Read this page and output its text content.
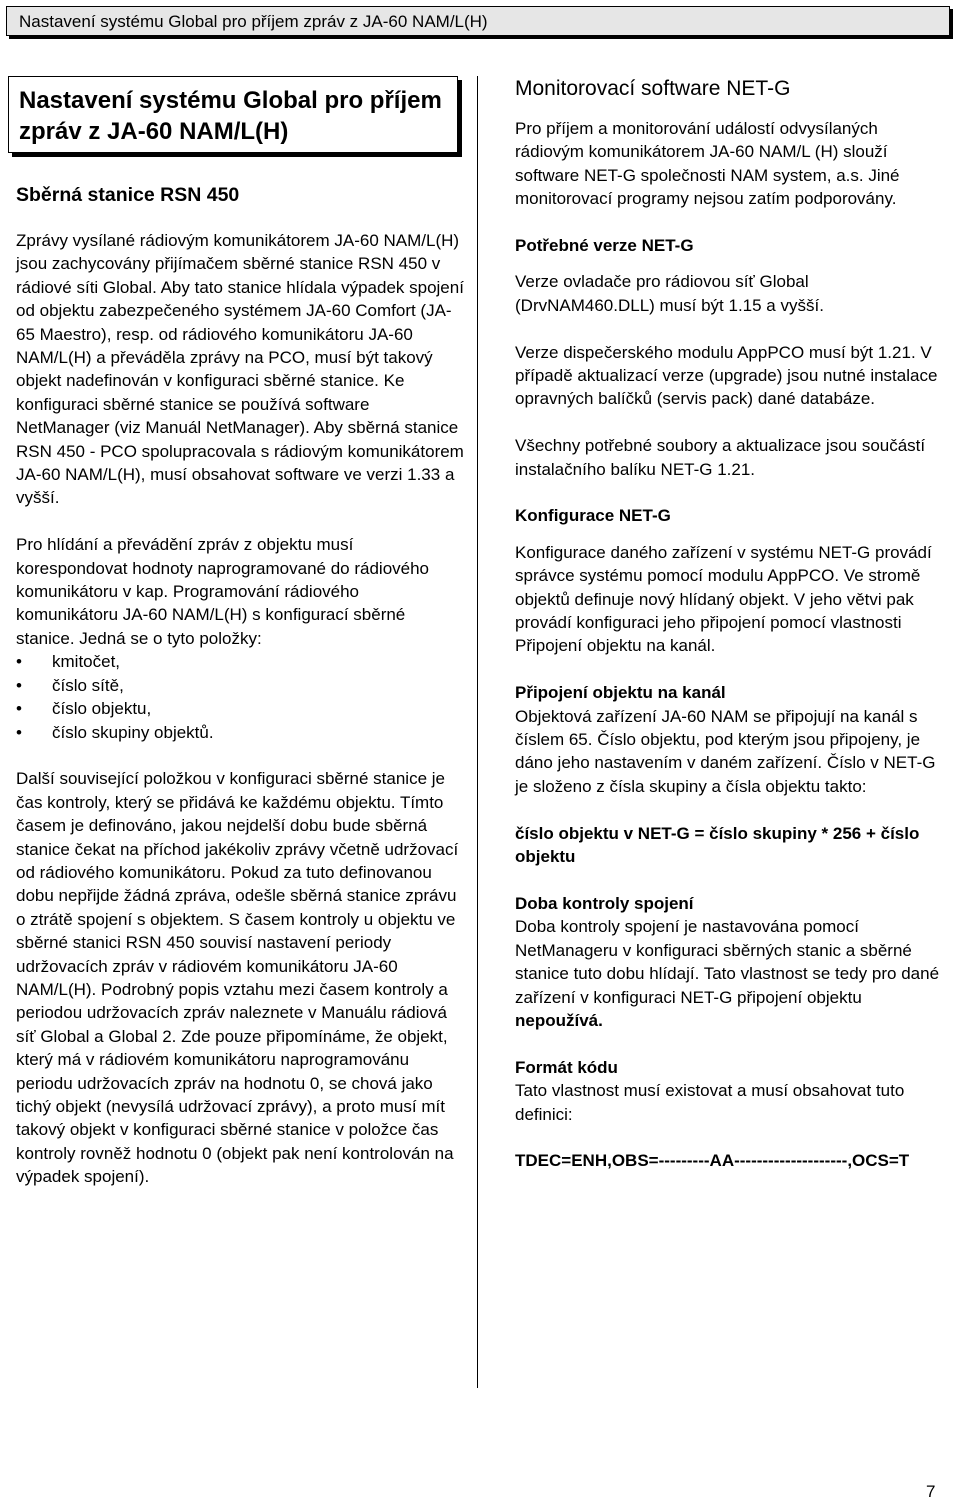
Nastavení systému Global pro příjem zpráv z JA-60 NAM/L(H)
Nastavení systému Global pro příjem zpráv z JA-60 NAM/L(H)
Sběrná stanice RSN 450

Zprávy vysílané rádiovým komunikátorem JA-60 NAM/L(H) jsou zachycovány přijímačem sběrné stanice RSN 450 v rádiové síti Global. Aby tato stanice hlídala výpadek spojení od objektu zabezpečeného systémem JA-60 Comfort (JA-65 Maestro), resp. od rádiového komunikátoru JA-60 NAM/L(H) a převáděla zprávy na PCO, musí být takový objekt nadefinován v konfiguraci sběrné stanice. Ke konfiguraci sběrné stanice se používá software NetManager (viz Manuál NetManager). Aby sběrná stanice RSN 450 - PCO spolupracovala s rádiovým komunikátorem JA-60 NAM/L(H), musí obsahovat software ve verzi 1.33 a vyšší.

Pro hlídání a převádění zpráv z objektu musí korespondovat hodnoty naprogramované do rádiového komunikátoru v kap. Programování rádiového komunikátoru JA-60 NAM/L(H) s konfigurací sběrné stanice. Jedná se o tyto položky:

• kmitočet,
• číslo sítě,
• číslo objektu,
• číslo skupiny objektů.

Další související položkou v konfiguraci sběrné stanice je čas kontroly, který se přidává ke každému objektu. Tímto časem je definováno, jakou nejdelší dobu bude sběrná stanice čekat na příchod jakékoliv zprávy včetně udržovací od rádiového komunikátoru. Pokud za tuto definovanou dobu nepřijde žádná zpráva, odešle sběrná stanice zprávu o ztrátě spojení s objektem. S časem kontroly u objektu ve sběrné stanici RSN 450 souvisí nastavení periody udržovacích zpráv v rádiovém komunikátoru JA-60 NAM/L(H). Podrobný popis vztahu mezi časem kontroly a periodou udržovacích zpráv naleznete v Manuálu rádiová síť Global a Global 2. Zde pouze připomínáme, že objekt, který má v rádiovém komunikátoru naprogramovánu periodu udržovacích zpráv na hodnotu 0, se chová jako tichý objekt (nevysílá udržovací zprávy), a proto musí mít takový objekt v konfiguraci sběrné stanice v položce čas kontroly rovněž hodnotu 0 (objekt pak není kontrolován na výpadek spojení).

Monitorovací software NET-G

Pro příjem a monitorování událostí odvysílaných rádiovým komunikátorem JA-60 NAM/L (H) slouží software NET-G společnosti NAM system, a.s. Jiné monitorovací programy nejsou zatím podporovány.

Potřebné verze NET-G

Verze ovladače pro rádiovou síť Global (DrvNAM460.DLL) musí být 1.15 a vyšší.

Verze dispečerského modulu AppPCO musí být 1.21. V případě aktualizací verze (upgrade) jsou nutné instalace opravných balíčků (servis pack) dané databáze.

Všechny potřebné soubory a aktualizace jsou součástí instalačního balíku NET-G 1.21.

Konfigurace NET-G

Konfigurace daného zařízení v systému NET-G provádí správce systému pomocí modulu AppPCO. Ve stromě objektů definuje nový hlídaný objekt. V jeho větvi pak provádí konfiguraci jeho připojení pomocí vlastnosti Připojení objektu na kanál.

Připojení objektu na kanál

Objektová zařízení JA-60 NAM se připojují na kanál s číslem 65. Číslo objektu, pod kterým jsou připojeny, je dáno jeho nastavením v daném zařízení. Číslo v NET-G je složeno z čísla skupiny a čísla objektu takto:

číslo objektu v NET-G = číslo skupiny * 256 + číslo objektu

Doba kontroly spojení

Doba kontroly spojení je nastavována pomocí NetManageru v konfiguraci sběrných stanic a sběrné stanice tuto dobu hlídají. Tato vlastnost se tedy pro dané zařízení v konfiguraci NET-G připojení objektu nepoužívá.

Formát kódu

Tato vlastnost musí existovat a musí obsahovat tuto definici:

TDEC=ENH,OBS=---------AA--------------------,OCS=T

7
